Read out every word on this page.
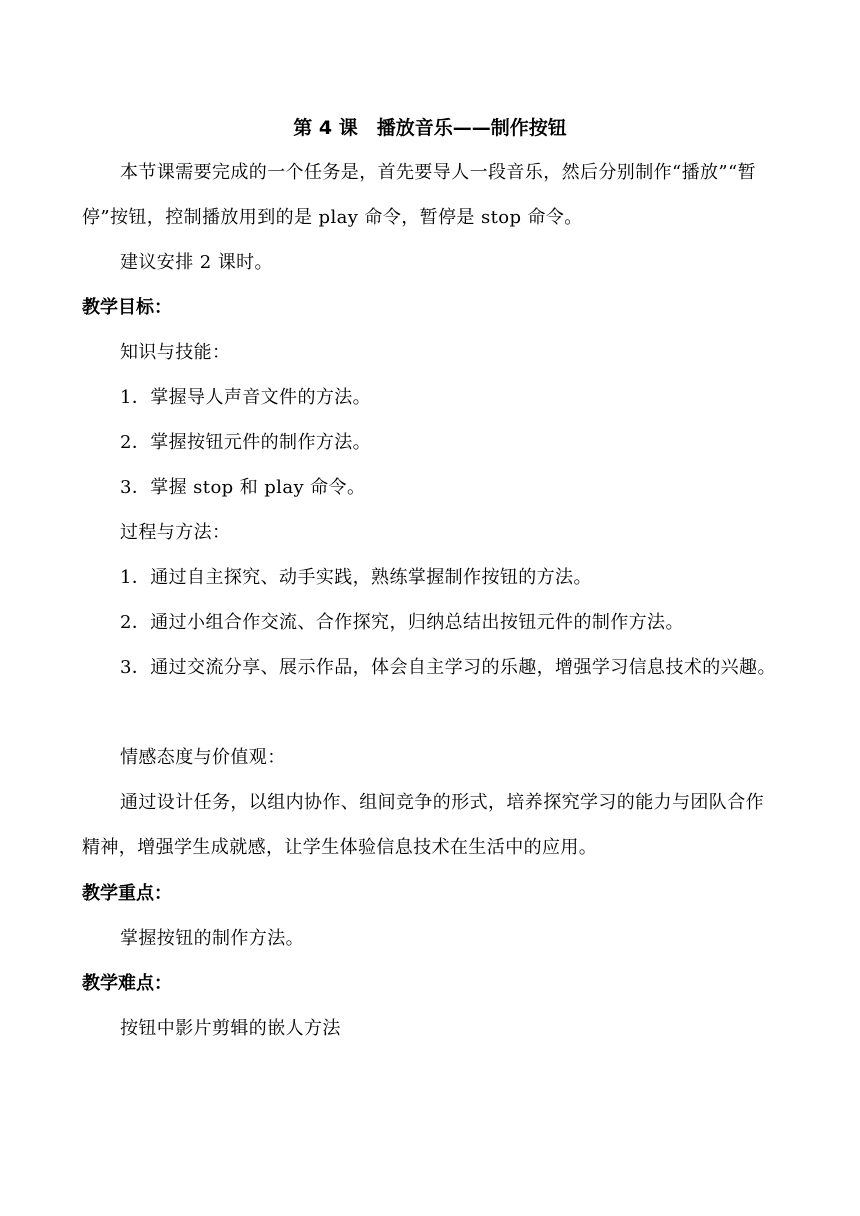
第 4 课　播放音乐——制作按钮
本节课需要完成的一个任务是，首先要导人一段音乐，然后分别制作“播放”“暂停”按钮，控制播放用到的是 play 命令，暂停是 stop 命令。
建议安排 2 课时。
教学目标：
知识与技能：
1．掌握导人声音文件的方法。
2．掌握按钮元件的制作方法。
3．掌握 stop 和 play 命令。
过程与方法：
1．通过自主探究、动手实践，熟练掌握制作按钮的方法。
2．通过小组合作交流、合作探究，归纳总结出按钮元件的制作方法。
3．通过交流分享、展示作品，体会自主学习的乐趣，增强学习信息技术的兴趣。
情感态度与价值观：
通过设计任务，以组内协作、组间竞争的形式，培养探究学习的能力与团队合作精神，增强学生成就感，让学生体验信息技术在生活中的应用。
教学重点：
掌握按钮的制作方法。
教学难点：
按钮中影片剪辑的嵌人方法
